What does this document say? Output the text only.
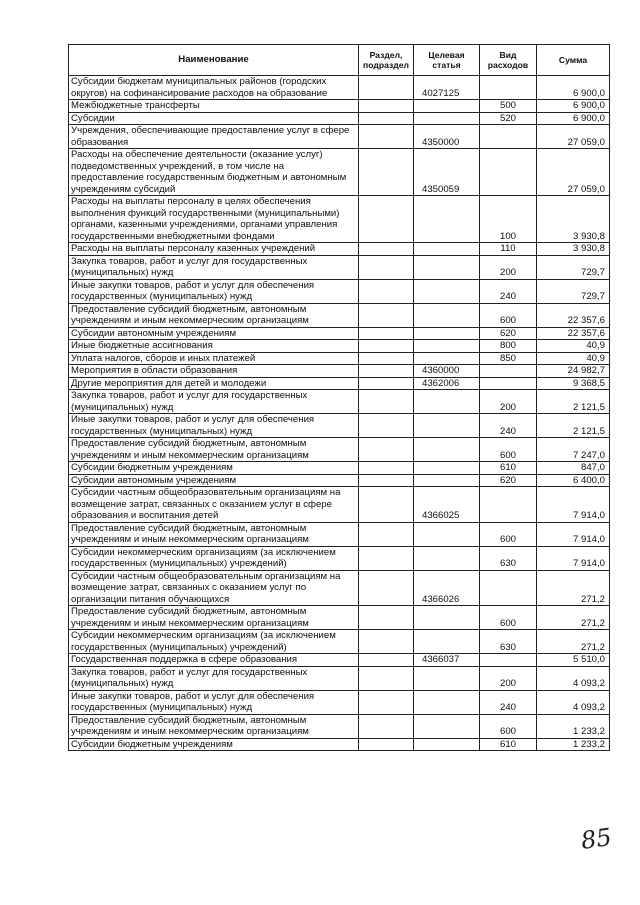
Наименование	Раздел, подраздел	Целевая статья	Вид расходов	Сумма
Субсидии бюджетам муниципальных районов (городских округов) на софинансирование расходов на образование		4027125		6 900,0
Межбюджетные трансферты			500	6 900,0
Субсидии			520	6 900,0
Учреждения, обеспечивающие предоставление услуг в сфере образования		4350000		27 059,0
Расходы на обеспечение деятельности (оказание услуг) подведомственных учреждений, в том числе на предоставление государственным бюджетным и автономным учреждениям субсидий		4350059		27 059,0
Расходы на выплаты персоналу в целях обеспечения выполнения функций государственными (муниципальными) органами, казенными учреждениями, органами управления государственными внебюджетными фондами			100	3 930,8
Расходы на выплаты персоналу казенных учреждений			110	3 930,8
Закупка товаров, работ и услуг для государственных (муниципальных) нужд			200	729,7
Иные закупки товаров, работ и услуг для обеспечения государственных (муниципальных) нужд			240	729,7
Предоставление субсидий бюджетным, автономным учреждениям и иным некоммерческим организациям			600	22 357,6
Субсидии автономным учреждениям			620	22 357,6
Иные бюджетные ассигнования			800	40,9
Уплата налогов, сборов и иных платежей			850	40,9
Мероприятия в области образования		4360000		24 982,7
Другие мероприятия для детей и молодежи		4362006		9 368,5
Закупка товаров, работ и услуг для государственных (муниципальных) нужд			200	2 121,5
Иные закупки товаров, работ и услуг для обеспечения государственных (муниципальных) нужд			240	2 121,5
Предоставление субсидий бюджетным, автономным учреждениям и иным некоммерческим организациям			600	7 247,0
Субсидии бюджетным учреждениям			610	847,0
Субсидии автономным учреждениям			620	6 400,0
Субсидии частным общеобразовательным организациям на возмещение затрат, связанных с оказанием услуг в сфере образования и воспитания детей		4366025		7 914,0
Предоставление субсидий бюджетным, автономным учреждениям и иным некоммерческим организациям			600	7 914,0
Субсидии некоммерческим организациям (за исключением государственных (муниципальных) учреждений)			630	7 914,0
Субсидии частным общеобразовательным организациям на возмещение затрат, связанных с оказанием услуг по организации питания обучающихся		4366026		271,2
Предоставление субсидий бюджетным, автономным учреждениям и иным некоммерческим организациям			600	271,2
Субсидии некоммерческим организациям (за исключением государственных (муниципальных) учреждений)			630	271,2
Государственная поддержка в сфере образования		4366037		5 510,0
Закупка товаров, работ и услуг для государственных (муниципальных) нужд			200	4 093,2
Иные закупки товаров, работ и услуг для обеспечения государственных (муниципальных) нужд			240	4 093,2
Предоставление субсидий бюджетным, автономным учреждениям и иным некоммерческим организациям			600	1 233,2
Субсидии бюджетным учреждениям			610	1 233,2
85
